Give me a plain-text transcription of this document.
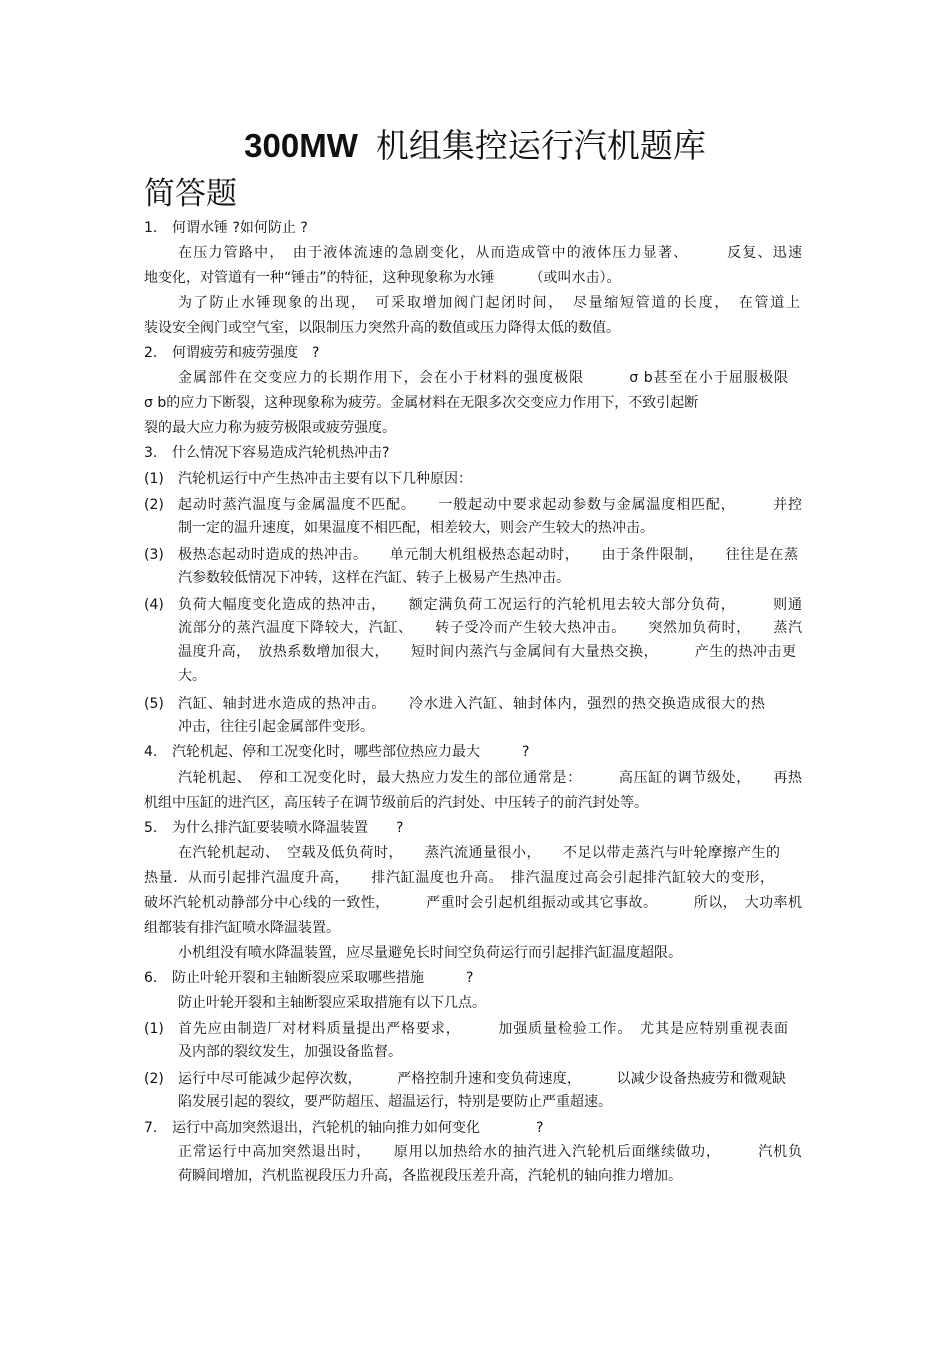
300MW 机组集控运行汽机题库
简答题
1. 何谓水锤 ?如何防止 ?
在压力管路中，　由于液体流速的急剧变化，从而造成管中的液体压力显著、　　　反复、迅速
地变化，对管道有一种“锤击”的特征，这种现象称为水锤　　　（或叫水击）。
为了防止水锤现象的出现，　可采取增加阀门起闭时间，　尽量缩短管道的长度，　在管道上
装设安全阀门或空气室，以限制压力突然升高的数值或压力降得太低的数值。
2. 何谓疲劳和疲劳强度　?
金属部件在交变应力的长期作用下，会在小于材料的强度极限　　　σ b甚至在小于屈服极限
σ b的应力下断裂，这种现象称为疲劳。金属材料在无限多次交变应力作用下，不致引起断
裂的最大应力称为疲劳极限或疲劳强度。
3. 什么情况下容易造成汽轮机热冲击?
(1) 汽轮机运行中产生热冲击主要有以下几种原因：
(2) 起动时蒸汽温度与金属温度不匹配。　　一般起动中要求起动参数与金属温度相匹配，　　　并控
制一定的温升速度，如果温度不相匹配，相差较大，则会产生较大的热冲击。
(3) 极热态起动时造成的热冲击。　　单元制大机组极热态起动时，　　由于条件限制，　　往往是在蒸
汽参数较低情况下冲转，这样在汽缸、转子上极易产生热冲击。
(4) 负荷大幅度变化造成的热冲击，　　额定满负荷工况运行的汽轮机甩去较大部分负荷，　　　则通
流部分的蒸汽温度下降较大，汽缸、　　转子受冷而产生较大热冲击。　　突然加负荷时，　　蒸汽
温度升高，　放热系数增加很大，　　短时间内蒸汽与金属间有大量热交换，　　　产生的热冲击更
大。
(5) 汽缸、轴封进水造成的热冲击。　　冷水进入汽缸、轴封体内，强烈的热交换造成很大的热
冲击，往往引起金属部件变形。
4. 汽轮机起、停和工况变化时，哪些部位热应力最大　　　?
汽轮机起、　停和工况变化时，最大热应力发生的部位通常是：　　　高压缸的调节级处，　　再热
机组中压缸的进汽区，高压转子在调节级前后的汽封处、中压转子的前汽封处等。
5. 为什么排汽缸要装喷水降温装置　　?
在汽轮机起动、　空载及低负荷时，　　蒸汽流通量很小，　　不足以带走蒸汽与叶轮摩擦产生的
热量．从而引起排汽温度升高，　　排汽缸温度也升高。　排汽温度过高会引起排汽缸较大的变形，
破坏汽轮机动静部分中心线的一致性，　　　严重时会引起机组振动或其它事故。　　　所以，　大功率机
组都装有排汽缸喷水降温装置。
小机组没有喷水降温装置，应尽量避免长时间空负荷运行而引起排汽缸温度超限。
6. 防止叶轮开裂和主轴断裂应采取哪些措施　　　?
防止叶轮开裂和主轴断裂应采取措施有以下几点。
(1) 首先应由制造厂对材料质量提出严格要求，　　　加强质量检验工作。　尤其是应特别重视表面
及内部的裂纹发生，加强设备监督。
(2) 运行中尽可能减少起停次数，　　　严格控制升速和变负荷速度，　　　以减少设备热疲劳和微观缺
陷发展引起的裂纹，要严防超压、超温运行，特别是要防止严重超速。
7. 运行中高加突然退出，汽轮机的轴向推力如何变化　　　　?
正常运行中高加突然退出时，　　原用以加热给水的抽汽进入汽轮机后面继续做功，　　　汽机负
荷瞬间增加，汽机监视段压力升高，各监视段压差升高，汽轮机的轴向推力增加。
